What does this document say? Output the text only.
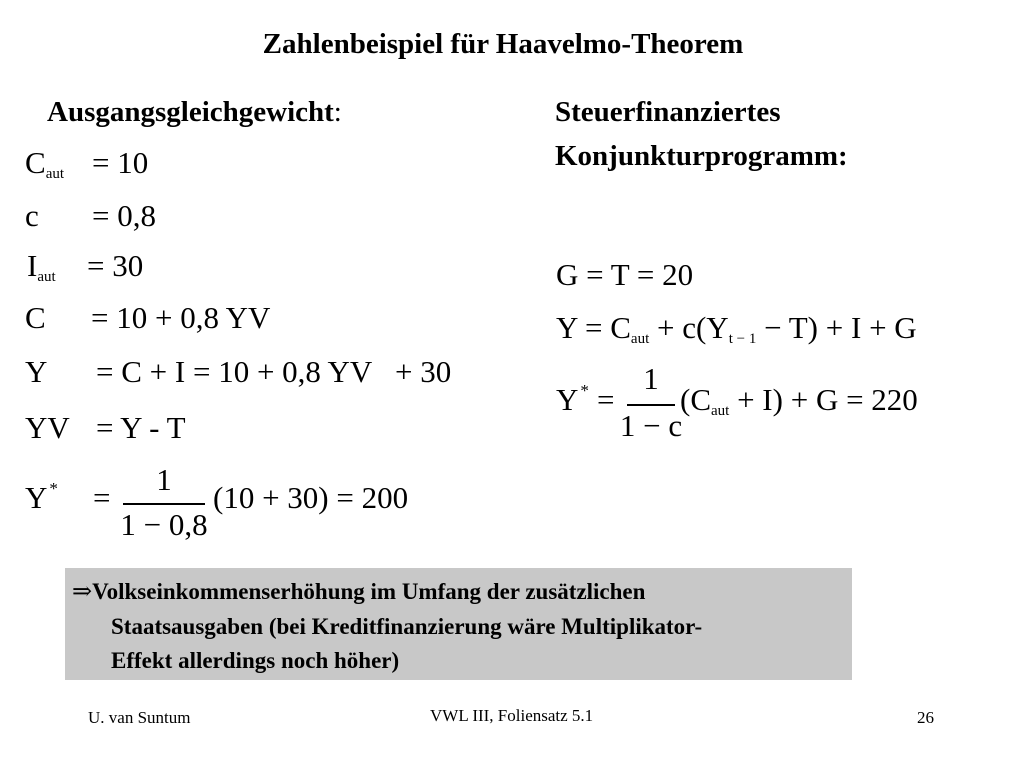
Zahlenbeispiel für Haavelmo-Theorem
Ausgangsgleichgewicht:	Steuerfinanziertes
Konjunkturprogramm:
$C_{aut} = 10$
c = 0,8
$I_{aut} = 30$
C = 10 + 0,8 YV
Y = C + I = 10 + 0,8 YV   + 30
YV = Y - T
Y * =
1
1 − 0,8
(10 + 30) = 200
G = T = 20
$Y = C_{aut} + c(Y_{t - 1} - T) + I + G$
Y * =
1
1 − c
$(C_{aut} + I) + G = 220$
⇒Volkseinkommenserhöhung im Umfang der zusätzlichen
Staatsausgaben (bei Kreditfinanzierung wäre Multiplikator-
Effekt allerdings noch höher)
U. van Suntum	VWL III, Foliensatz 5.1	26
